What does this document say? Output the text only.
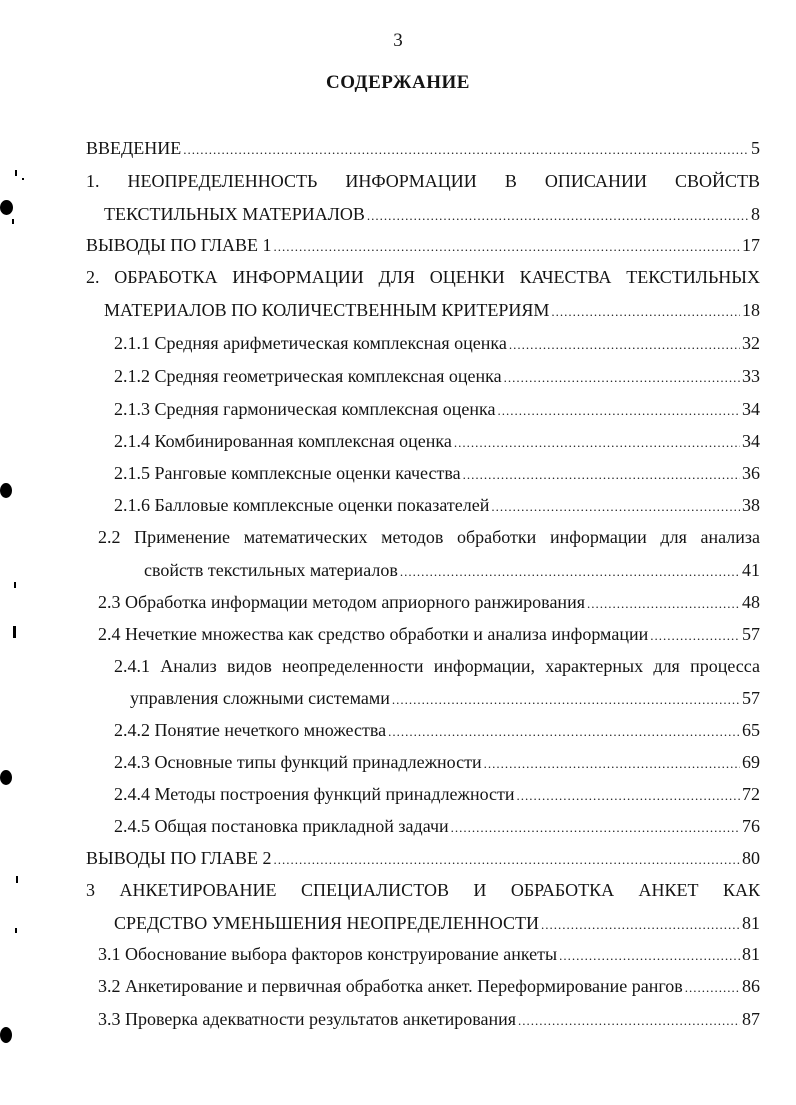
3
СОДЕРЖАНИЕ
ВВЕДЕНИЕ .....	5
1. НЕОПРЕДЕЛЕННОСТЬ ИНФОРМАЦИИ В ОПИСАНИИ СВОЙСТВ
ТЕКСТИЛЬНЫХ МАТЕРИАЛОВ .....	8
ВЫВОДЫ ПО ГЛАВЕ 1 .....	17
2. ОБРАБОТКА ИНФОРМАЦИИ ДЛЯ ОЦЕНКИ КАЧЕСТВА ТЕКСТИЛЬНЫХ
МАТЕРИАЛОВ ПО КОЛИЧЕСТВЕННЫМ КРИТЕРИЯМ .....	18
2.1.1 Средняя арифметическая комплексная оценка .....	32
2.1.2 Средняя геометрическая комплексная оценка .....	33
2.1.3 Средняя гармоническая комплексная оценка .....	34
2.1.4 Комбинированная комплексная оценка .....	34
2.1.5 Ранговые комплексные оценки качества .....	36
2.1.6 Балловые комплексные оценки показателей .....	38
2.2 Применение математических методов обработки информации для анализа
свойств текстильных материалов .....	41
2.3 Обработка информации методом априорного ранжирования .....	48
2.4 Нечеткие множества как средство обработки и анализа информации .....	57
2.4.1 Анализ видов неопределенности информации, характерных для процесса
управления сложными системами .....	57
2.4.2 Понятие нечеткого множества .....	65
2.4.3 Основные типы функций принадлежности .....	69
2.4.4 Методы построения функций принадлежности .....	72
2.4.5 Общая постановка прикладной задачи .....	76
ВЫВОДЫ ПО ГЛАВЕ 2 .....	80
3 АНКЕТИРОВАНИЕ СПЕЦИАЛИСТОВ И ОБРАБОТКА АНКЕТ КАК
СРЕДСТВО УМЕНЬШЕНИЯ НЕОПРЕДЕЛЕННОСТИ .....	81
3.1 Обоснование выбора факторов конструирование анкеты .....	81
3.2 Анкетирование и первичная обработка анкет. Переформирование рангов .....	86
3.3 Проверка адекватности результатов анкетирования .....	87
